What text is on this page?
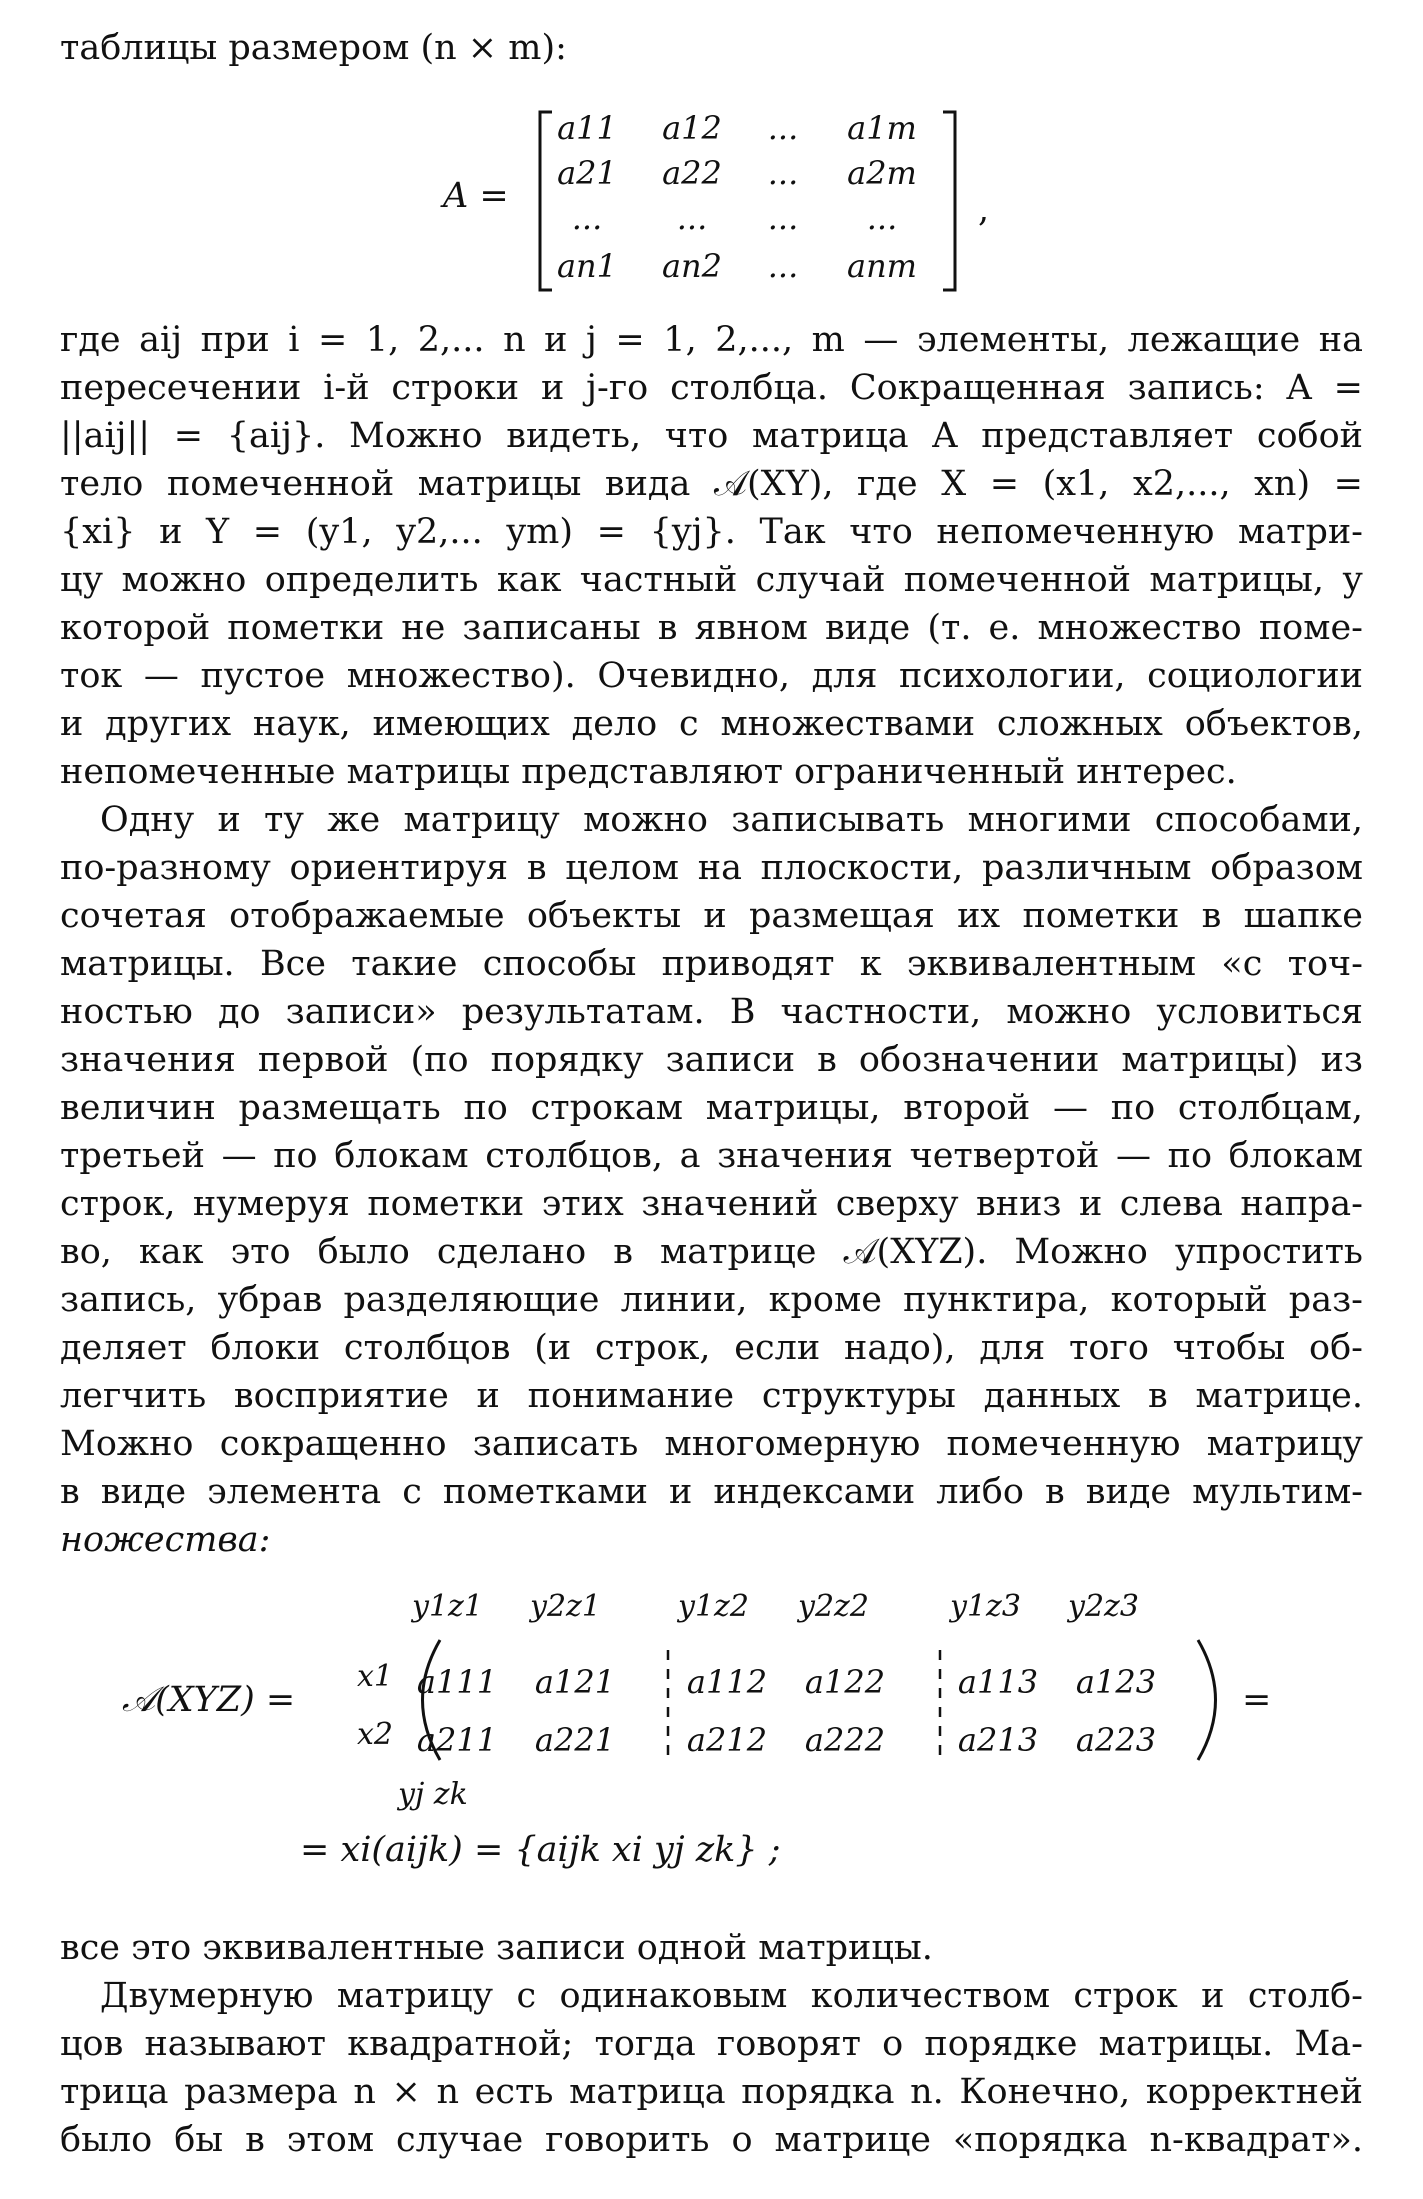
таблицы размером (n × m):
A =	,
a11	a12	...	a1m
a21	a22	...	a2m
...	...	...	...
an1	an2	...	anm
где aij при i = 1, 2,... n и j = 1, 2,..., m — элементы, лежащие на
пересечении i-й строки и j-го столбца. Сокращенная запись: A =
||aij|| = {aij}. Можно видеть, что матрица A представляет собой
тело помеченной матрицы вида 𝒜(XY), где X = (x1, x2,..., xn) =
{xi} и Y = (y1, y2,... ym) = {yj}. Так что непомеченную матри-
цу можно определить как частный случай помеченной матрицы, у
которой пометки не записаны в явном виде (т. е. множество поме-
ток — пустое множество). Очевидно, для психологии, социологии
и других наук, имеющих дело с множествами сложных объектов,
непомеченные матрицы представляют ограниченный интерес.
Одну и ту же матрицу можно записывать многими способами,
по-разному ориентируя в целом на плоскости, различным образом
сочетая отображаемые объекты и размещая их пометки в шапке
матрицы. Все такие способы приводят к эквивалентным «с точ-
ностью до записи» результатам. В частности, можно условиться
значения первой (по порядку записи в обозначении матрицы) из
величин размещать по строкам матрицы, второй — по столбцам,
третьей — по блокам столбцов, а значения четвертой — по блокам
строк, нумеруя пометки этих значений сверху вниз и слева напра-
во, как это было сделано в матрице 𝒜(XYZ). Можно упростить
запись, убрав разделяющие линии, кроме пунктира, который раз-
деляет блоки столбцов (и строк, если надо), для того чтобы об-
легчить восприятие и понимание структуры данных в матрице.
Можно сокращенно записать многомерную помеченную матрицу
в виде элемента с пометками и индексами либо в виде мультим-
ножества:
𝒜(XYZ) =
y1z1 y2z1	y1z2 y2z2	y1z3 y2z3
x1
x2
a111	a121	a112	a122	a113	a123
a211	a221	a212	a222	a213	a223
=
yj zk
= xi(aijk) = {aijk xi yj zk} ;
все это эквивалентные записи одной матрицы.
Двумерную матрицу с одинаковым количеством строк и столб-
цов называют квадратной; тогда говорят о порядке матрицы. Ма-
трица размера n × n есть матрица порядка n. Конечно, корректней
было бы в этом случае говорить о матрице «порядка n-квадрат».
